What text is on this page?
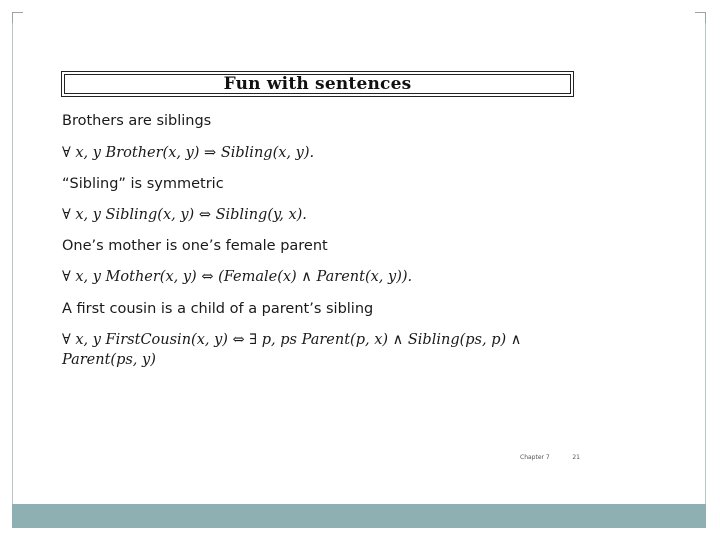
Fun with sentences
Brothers are siblings
∀ x, y Brother(x, y) ⇒ Sibling(x, y).
“Sibling” is symmetric
∀ x, y Sibling(x, y) ⇔ Sibling(y, x).
One’s mother is one’s female parent
∀ x, y Mother(x, y) ⇔ (Female(x) ∧ Parent(x, y)).
A first cousin is a child of a parent’s sibling
∀ x, y FirstCousin(x, y) ⇔ ∃ p, ps Parent(p, x) ∧ Sibling(ps, p) ∧
Parent(ps, y)
Chapter 7	21
